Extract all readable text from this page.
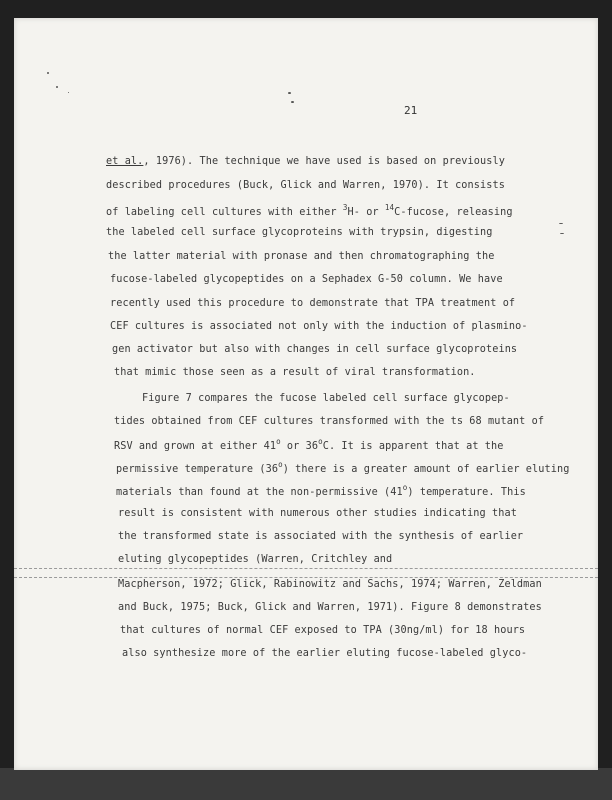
21
et al., 1976). The technique we have used is based on previously
described procedures (Buck, Glick and Warren, 1970). It consists
of labeling cell cultures with either $^3$H- or $^{14}$C-fucose, releasing
the labeled cell surface glycoproteins with trypsin, digesting
the latter material with pronase and then chromatographing the
fucose-labeled glycopeptides on a Sephadex G-50 column. We have
recently used this procedure to demonstrate that TPA treatment of
CEF cultures is associated not only with the induction of plasmino-
gen activator but also with changes in cell surface glycoproteins
that mimic those seen as a result of viral transformation.
Figure 7 compares the fucose labeled cell surface glycopep-
tides obtained from CEF cultures transformed with the ts 68 mutant of
RSV and grown at either 41$^o$ or 36$^o$C. It is apparent that at the
permissive temperature (36$^o$) there is a greater amount of earlier eluting
materials than found at the non-permissive (41$^o$) temperature. This
result is consistent with numerous other studies indicating that
the transformed state is associated with the synthesis of earlier
eluting glycopeptides (Warren, Critchley and
Macpherson, 1972; Glick, Rabinowitz and Sachs, 1974; Warren, Zeldman
and Buck, 1975; Buck, Glick and Warren, 1971). Figure 8 demonstrates
that cultures of normal CEF exposed to TPA (30ng/ml) for 18 hours
also synthesize more of the earlier eluting fucose-labeled glyco-
